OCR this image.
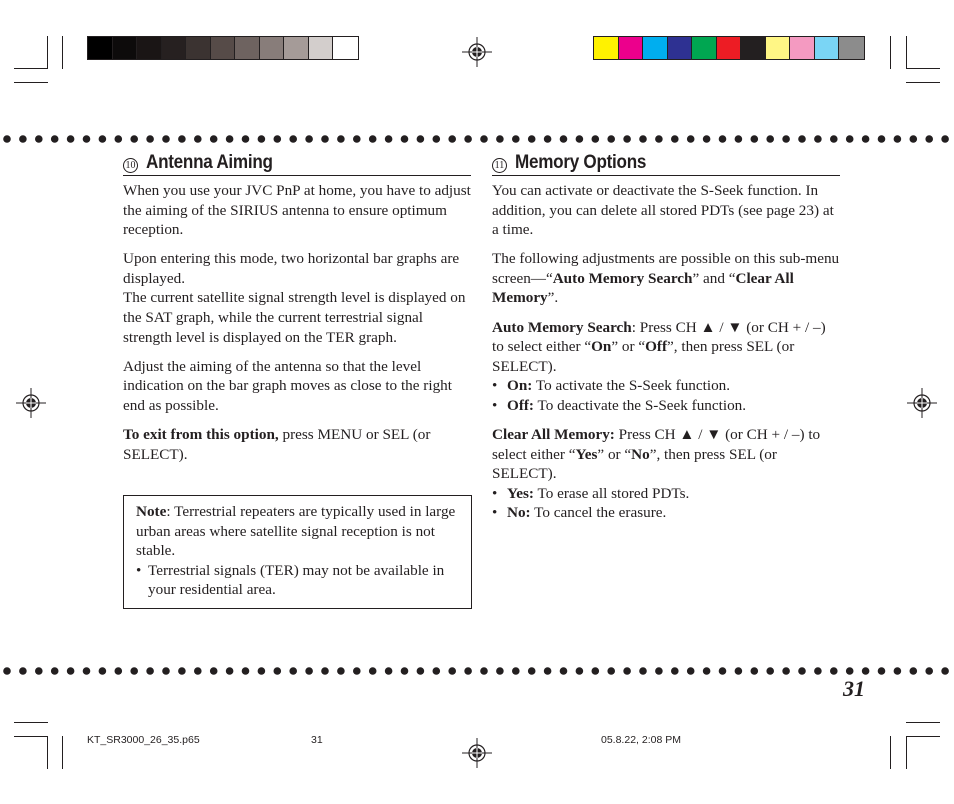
10 Antenna Aiming

When you use your JVC PnP at home, you have to adjust the aiming of the SIRIUS antenna to ensure optimum reception.

Upon entering this mode, two horizontal bar graphs are displayed.
The current satellite signal strength level is displayed on the SAT graph, while the current terrestrial signal strength level is displayed on the TER graph.

Adjust the aiming of the antenna so that the level indication on the bar graph moves as close to the right end as possible.

To exit from this option, press MENU or SEL (or SELECT).

Note: Terrestrial repeaters are typically used in large urban areas where satellite signal reception is not stable.
• Terrestrial signals (TER) may not be available in your residential area.
11 Memory Options

You can activate or deactivate the S-Seek function. In addition, you can delete all stored PDTs (see page 23) at a time.

The following adjustments are possible on this sub-menu screen—“Auto Memory Search” and “Clear All Memory”.

Auto Memory Search: Press CH ▲ / ▼ (or CH + / –) to select either “On” or “Off”, then press SEL (or SELECT).
• On: To activate the S-Seek function.
• Off: To deactivate the S-Seek function.
Clear All Memory: Press CH ▲ / ▼ (or CH + / –) to select either “Yes” or “No”, then press SEL (or SELECT).
• Yes: To erase all stored PDTs.
• No: To cancel the erasure.
31
KT_SR3000_26_35.p65	31	05.8.22, 2:08 PM
